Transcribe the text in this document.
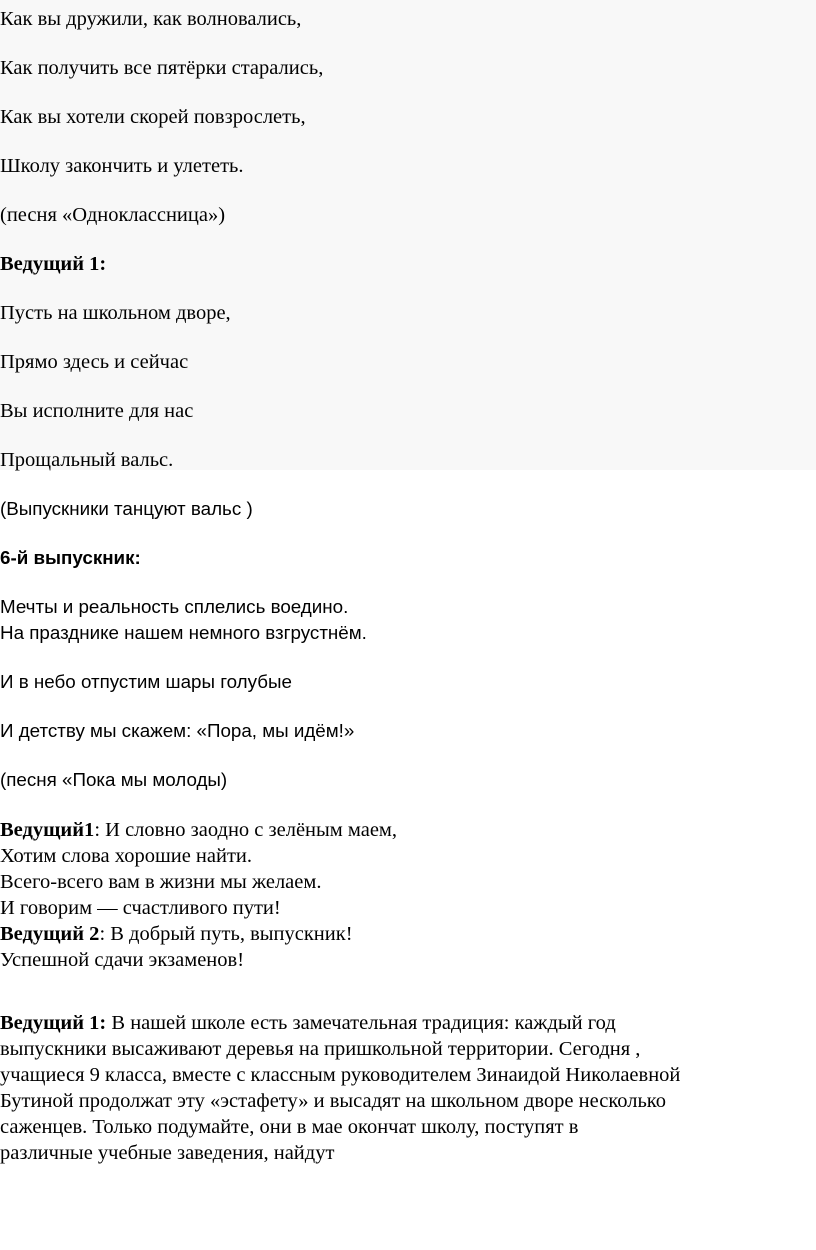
Как вы дружили, как волновались,

Как получить все пятёрки старались,

Как вы хотели скорей повзрослеть,

Школу закончить и улететь.

(песня «Одноклассница»)

Ведущий 1:

Пусть на школьном дворе,

Прямо здесь и сейчас

Вы исполните для нас

Прощальный вальс.

(Выпускники танцуют вальс )

6-й выпускник:

Мечты и реальность сплелись воедино.

На празднике нашем немного взгрустнём.

И в небо отпустим шары голубые

И детству мы скажем: «Пора, мы идём!»

(песня «Пока мы молоды)

Ведущий1: И словно заодно с зелёным маем,

Хотим слова хорошие найти.

Всего-всего вам в жизни мы желаем.

И говорим — счастливого пути!

Ведущий 2: В добрый путь, выпускник!

Успешной сдачи экзаменов!

Ведущий 1: В нашей школе есть замечательная традиция: каждый год

выпускники высаживают деревья на пришкольной территории. Сегодня ,

учащиеся 9 класса, вместе с классным руководителем Зинаидой Николаевной

Бутиной продолжат эту «эстафету» и высадят на школьном дворе несколько

саженцев. Только подумайте, они в мае окончат школу, поступят в

различные учебные заведения, найдут
